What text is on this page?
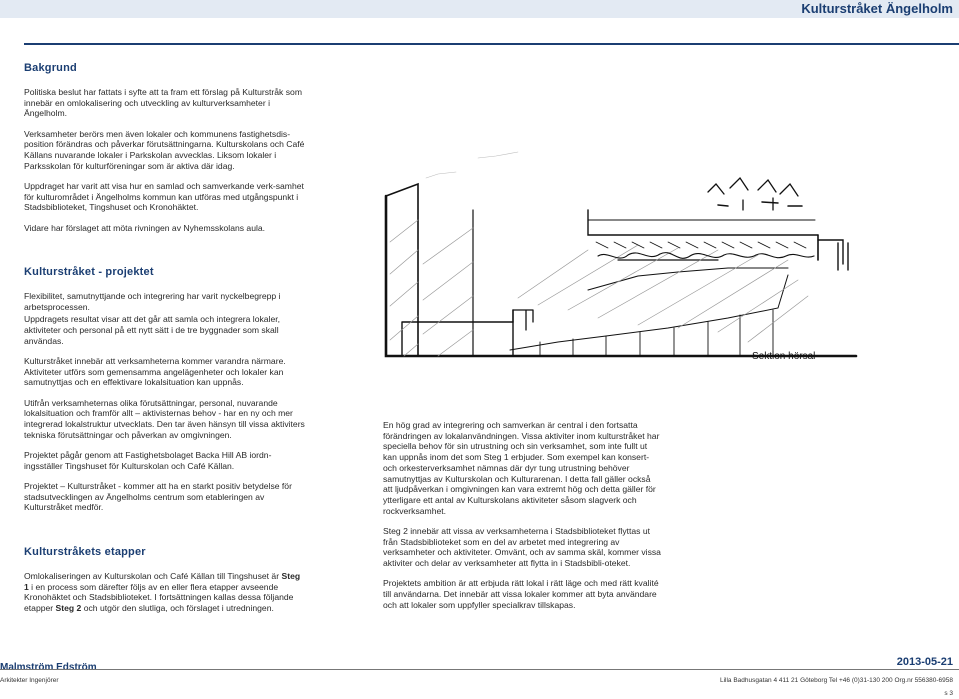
Kulturstråket Ängelholm
Bakgrund

Politiska beslut har fattats i syfte att ta fram ett förslag på Kulturstråk som innebär en omlokalisering och utveckling av kulturverksamheter i Ängelholm.

Verksamheter berörs men även lokaler och kommunens fastighetsdis-position förändras och påverkar förutsättningarna. Kulturskolans och Café Källans nuvarande lokaler i Parkskolan avvecklas. Liksom lokaler i Parksskolan för kulturföreningar som är aktiva där idag.

Uppdraget har varit att visa hur en samlad och samverkande verk-samhet för kulturområdet i Ängelholms kommun kan utföras med utgångspunkt i Stadsbiblioteket, Tingshuset och Kronohäktet.

Vidare har förslaget att möta rivningen av Nyhemsskolans aula.

Kulturstråket - projektet

Flexibilitet, samutnyttjande och integrering har varit nyckelbegrepp i arbetsprocessen.

Uppdragets resultat visar att det går att samla och integrera lokaler, aktiviteter och personal på ett nytt sätt i de tre byggnader som skall användas.

Kulturstråket innebär att verksamheterna kommer varandra närmare. Aktiviteter utförs som gemensamma angelägenheter och lokaler kan samutnyttjas och en effektivare lokalsituation kan uppnås.

Utifrån verksamheternas olika förutsättningar, personal, nuvarande lokalsituation och framför allt – aktivisternas behov - har en ny och mer integrerad lokalstruktur utvecklats. Den tar även hänsyn till vissa aktiviters tekniska förutsättningar och påverkan av omgivningen.

Projektet pågår genom att Fastighetsbolaget Backa Hill AB iordn-ingsställer Tingshuset för Kulturskolan och Café Källan.

Projektet – Kulturstråket - kommer att ha en starkt positiv betydelse för stadsutvecklingen av Ängelholms centrum som etableringen av Kulturstråket medför.

Kulturstråkets etapper

Omlokaliseringen av Kulturskolan och Café Källan till Tingshuset är Steg 1 i en process som därefter följs av en eller flera etapper avseende Kronohäktet och Stadsbiblioteket. I fortsättningen kallas dessa följande etapper Steg 2 och utgör den slutliga, och förslaget i utredningen.

Sektion hörsal

En hög grad av integrering och samverkan är central i den fortsatta förändringen av lokalanvändningen. Vissa aktiviter inom kulturstråket har speciella behov för sin utrustning och sin verksamhet, som inte fullt ut kan uppnås inom det som Steg 1 erbjuder. Som exempel kan konsert- och orkesterverksamhet nämnas där dyr tung utrustning behöver samutnyttjas av Kulturskolan och Kulturarenan. I detta fall gäller också att ljudpåverkan i omgivningen kan vara extremt hög och detta gäller för ytterligare ett antal av Kulturskolans aktiviteter såsom slagverk och rockverksamhet.

Steg 2 innebär att vissa av verksamheterna i Stadsbiblioteket flyttas ut från Stadsbiblioteket som en del av arbetet med integrering av verksamheter och aktiviteter. Omvänt, och av samma skäl, kommer vissa aktiviter och delar av verksamheter att flytta in i Stadsbibli-oteket.

Projektets ambition är att erbjuda rätt lokal i rätt läge och med rätt kvalité till användarna. Det innebär att vissa lokaler kommer att byta användare och att lokaler som uppfyller specialkrav tillskapas.

2013-05-21
Malmström Edström
Arkitekter Ingenjörer	Lilla Badhusgatan 4 411 21 Göteborg Tel +46 (0)31-130 200 Org.nr 556380-6958
s 3
